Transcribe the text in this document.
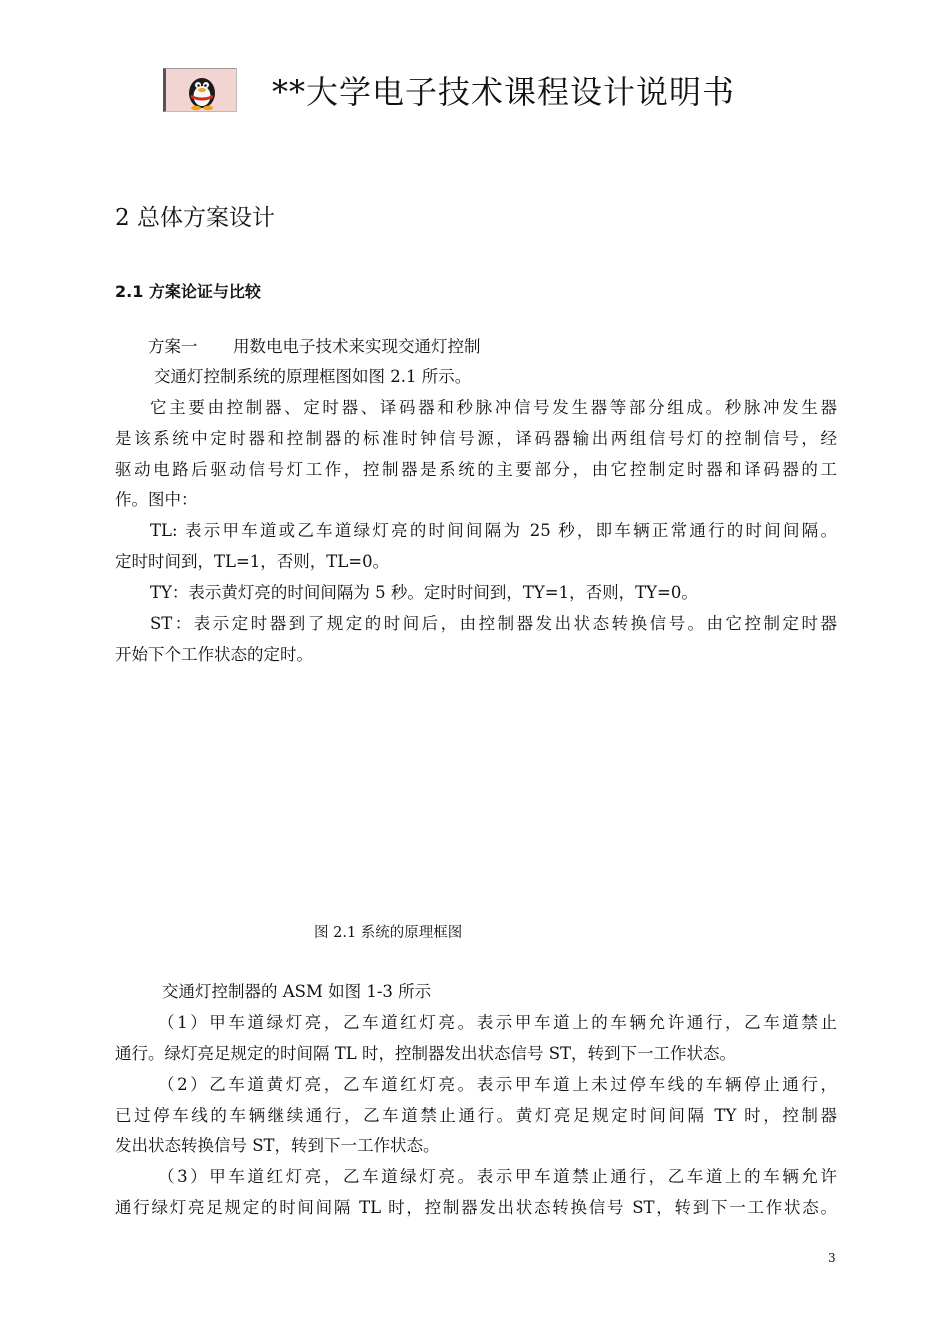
**大学电子技术课程设计说明书
2 总体方案设计
2.1 方案论证与比较
方案一 用数电电子技术来实现交通灯控制
交通灯控制系统的原理框图如图 2.1 所示。
它主要由控制器、定时器、译码器和秒脉冲信号发生器等部分组成。秒脉冲发生器
是该系统中定时器和控制器的标准时钟信号源，译码器输出两组信号灯的控制信号，经
驱动电路后驱动信号灯工作，控制器是系统的主要部分，由它控制定时器和译码器的工
作。图中：
TL: 表示甲车道或乙车道绿灯亮的时间间隔为 25 秒，即车辆正常通行的时间间隔。
定时时间到，TL=1，否则，TL=0。
TY：表示黄灯亮的时间间隔为 5 秒。定时时间到，TY=1，否则，TY=0。
ST：表示定时器到了规定的时间后，由控制器发出状态转换信号。由它控制定时器
开始下个工作状态的定时。
图 2.1 系统的原理框图
交通灯控制器的 ASM 如图 1-3 所示
（1）甲车道绿灯亮，乙车道红灯亮。表示甲车道上的车辆允许通行，乙车道禁止
通行。绿灯亮足规定的时间隔 TL 时，控制器发出状态信号 ST，转到下一工作状态。
（2）乙车道黄灯亮，乙车道红灯亮。表示甲车道上未过停车线的车辆停止通行，
已过停车线的车辆继续通行，乙车道禁止通行。黄灯亮足规定时间间隔 TY 时，控制器
发出状态转换信号 ST，转到下一工作状态。
（3）甲车道红灯亮，乙车道绿灯亮。表示甲车道禁止通行，乙车道上的车辆允许
通行绿灯亮足规定的时间间隔 TL 时，控制器发出状态转换信号 ST，转到下一工作状态。
3
